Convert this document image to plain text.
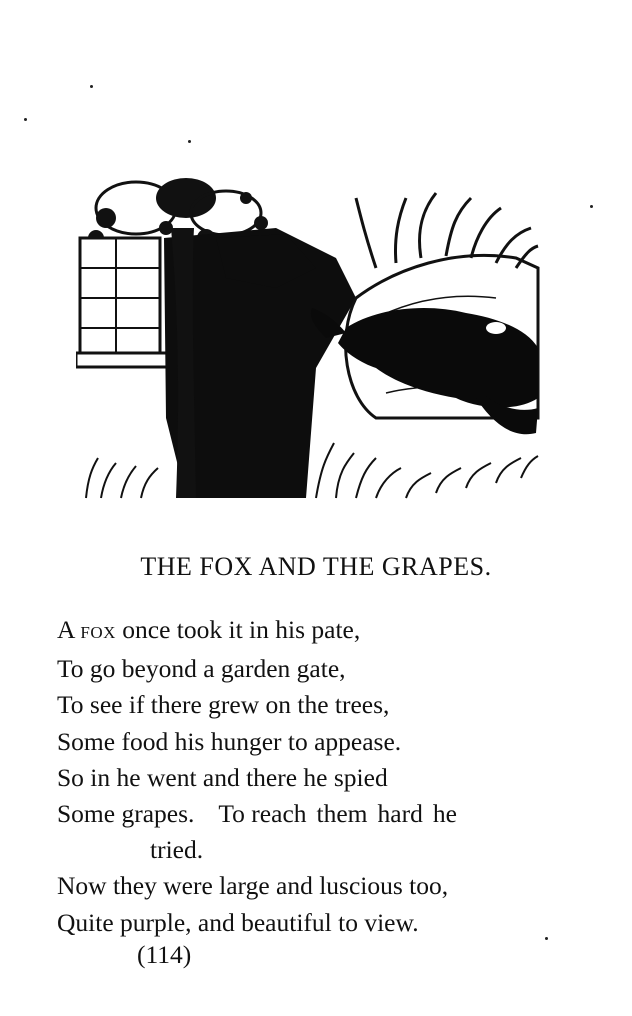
THE FOX AND THE GRAPES.
A FOX once took it in his pate,
To go beyond a garden gate,
To see if there grew on the trees,
Some food his hunger to appease.
So in he went and there he spied
Some grapes. To reach them hard he
tried.
Now they were large and luscious too,
Quite purple, and beautiful to view.
(114)
